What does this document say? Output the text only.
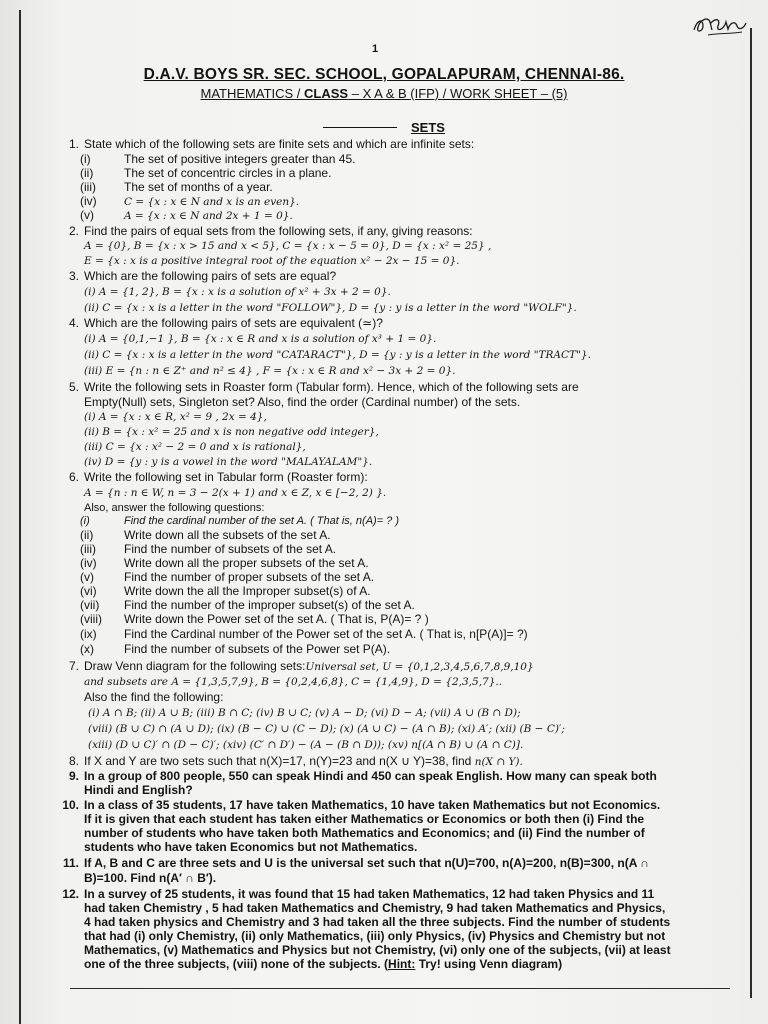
1
D.A.V. BOYS SR. SEC. SCHOOL, GOPALAPURAM, CHENNAI-86.
MATHEMATICS / CLASS – X A & B (IFP) / WORK SHEET – (5)
SETS
1. State which of the following sets are finite sets and which are infinite sets:
(i)	The set of positive integers greater than 45.
(ii)	The set of concentric circles in a plane.
(iii) The set of months of a year.
(iv)	C = {x : x ∈ N and x is an even}.
(v)	A = {x : x ∈ N and 2x + 1 = 0}.
2. Find the pairs of equal sets from the following sets, if any, giving reasons:
A = {0}, B = {x : x > 15 and x < 5}, C = {x : x − 5 = 0}, D = {x : x² = 25} ,
E = {x : x is a positive integral root of the equation x² − 2x − 15 = 0}.
3. Which are the following pairs of sets are equal?
(i) A = {1, 2}, B = {x : x is a solution of x² + 3x + 2 = 0}.
(ii) C = {x : x is a letter in the word "FOLLOW"}, D = {y : y is a letter in the word "WOLF"}.
4. Which are the following pairs of sets are equivalent (≃)?
(i) A = {0,1,−1 }, B = {x : x ∈ R and x is a solution of x³ + 1 = 0}.
(ii) C = {x : x is a letter in the word "CATARACT"}, D = {y : y is a letter in the word "TRACT"}.
(iii) E = {n : n ∈ Z⁺ and n² ≤ 4} , F = {x : x ∈ R and x² − 3x + 2 = 0}.
5. Write the following sets in Roaster form (Tabular form). Hence, which of the following sets are
Empty(Null) sets, Singleton set? Also, find the order (Cardinal number) of the sets.
(i) A = {x : x ∈ R, x² = 9 , 2x = 4},
(ii) B = {x : x² = 25 and x is non negative odd integer},
(iii) C = {x : x² − 2 = 0 and x is rational},
(iv) D = {y : y is a vowel in the word "MALAYALAM"}.
6. Write the following set in Tabular form (Roaster form):
A = {n : n ∈ W, n = 3 − 2(x + 1) and x ∈ Z, x ∈ [−2, 2) }.
Also, answer the following questions:
(i)	Find the cardinal number of the set A. ( That is, n(A)= ? )
(ii)	Write down all the subsets of the set A.
(iii) Find the number of subsets of the set A.
(iv) Write down all the proper subsets of the set A.
(v)	Find the number of proper subsets of the set A.
(vi) Write down the all the Improper subset(s) of A.
(vii) Find the number of the improper subset(s) of the set A.
(viii) Write down the Power set of the set A. ( That is, P(A)= ? )
(ix) Find the Cardinal number of the Power set of the set A. ( That is, n[P(A)]= ?)
(x)	Find the number of subsets of the Power set P(A).
7. Draw Venn diagram for the following sets:Universal set, U = {0,1,2,3,4,5,6,7,8,9,10}
and subsets are A = {1,3,5,7,9}, B = {0,2,4,6,8}, C = {1,4,9}, D = {2,3,5,7}..
Also the find the following:
(i) A ∩ B; (ii) A ∪ B; (iii) B ∩ C; (iv) B ∪ C; (v) A − D; (vi) D − A; (vii) A ∪ (B ∩ D);
(viii) (B ∪ C) ∩ (A ∪ D); (ix) (B − C) ∪ (C − D); (x) (A ∪ C) − (A ∩ B); (xi) A′; (xii) (B − C)′;
(xiii) (D ∪ C)′ ∩ (D − C)′; (xiv) (C′ ∩ D′) − (A − (B ∩ D)); (xv) n[(A ∩ B) ∪ (A ∩ C)].
8. If X and Y are two sets such that n(X)=17, n(Y)=23 and n(X ∪ Y)=38, find n(X ∩ Y).
9. In a group of 800 people, 550 can speak Hindi and 450 can speak English. How many can speak both
Hindi and English?
10. In a class of 35 students, 17 have taken Mathematics, 10 have taken Mathematics but not Economics.
If it is given that each student has taken either Mathematics or Economics or both then (i) Find the
number of students who have taken both Mathematics and Economics; and (ii) Find the number of
students who have taken Economics but not Mathematics.
11. If A, B and C are three sets and U is the universal set such that n(U)=700, n(A)=200, n(B)=300, n(A ∩
B)=100. Find n(A′ ∩ B′).
12. In a survey of 25 students, it was found that 15 had taken Mathematics, 12 had taken Physics and 11
had taken Chemistry , 5 had taken Mathematics and Chemistry, 9 had taken Mathematics and Physics,
4 had taken physics and Chemistry and 3 had taken all the three subjects. Find the number of students
that had (i) only Chemistry, (ii) only Mathematics, (iii) only Physics, (iv) Physics and Chemistry but not
Mathematics, (v) Mathematics and Physics but not Chemistry, (vi) only one of the subjects, (vii) at least
one of the three subjects, (viii) none of the subjects. (Hint: Try! using Venn diagram)
